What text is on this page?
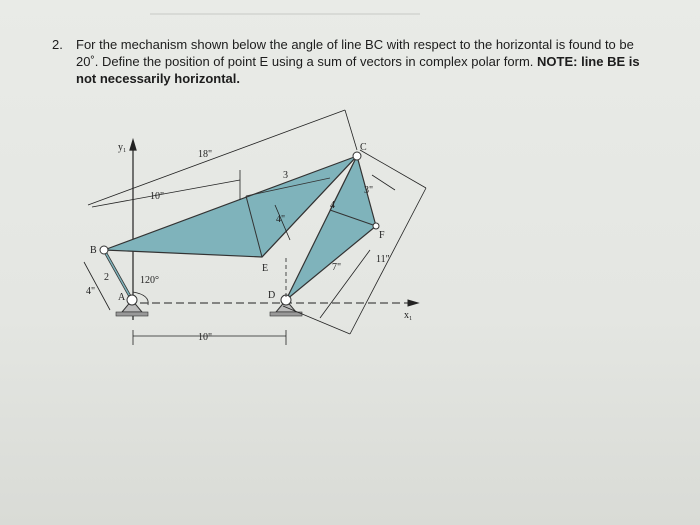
2. For the mechanism shown below the angle of line BC with respect to the horizontal is found to be 20˚. Define the position of point E using a sum of vectors in complex polar form. NOTE: line BE is not necessarily horizontal.
y₁
x₁
B
C
E
D
F
A
2
3
4
18"
10"
10"
4"
4"
3"
7"
11"
120°
